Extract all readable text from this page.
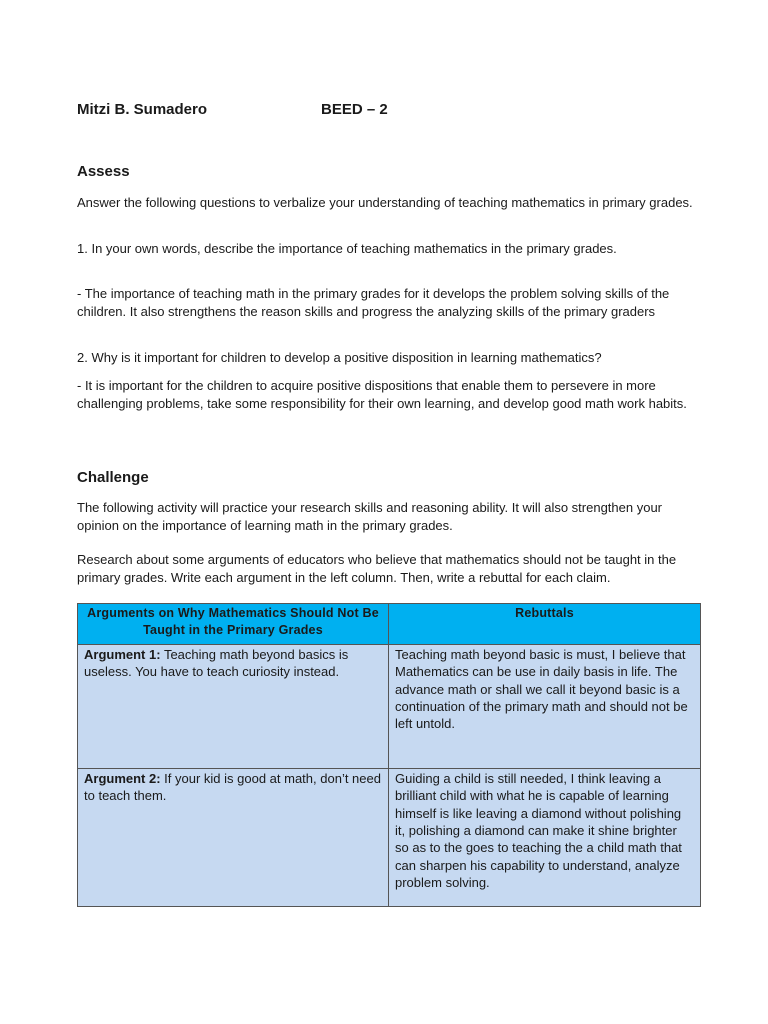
Mitzi B. Sumadero	BEED – 2
Assess

Answer the following questions to verbalize your understanding of teaching mathematics in primary grades.

1. In your own words, describe the importance of teaching mathematics in the primary grades.

- The importance of teaching math in the primary grades for it develops the problem solving skills of the children. It also strengthens the reason skills and progress the analyzing skills of the primary graders

2. Why is it important for children to develop a positive disposition in learning mathematics?

- It is important for the children to acquire positive dispositions that enable them to persevere in more challenging problems, take some responsibility for their own learning, and develop good math work habits.

Challenge

The following activity will practice your research skills and reasoning ability. It will also strengthen your opinion on the importance of learning math in the primary grades.

Research about some arguments of educators who believe that mathematics should not be taught in the primary grades. Write each argument in the left column. Then, write a rebuttal for each claim.

Arguments on Why Mathematics Should Not Be Taught in the Primary Grades	Rebuttals
Argument 1: Teaching math beyond basics is useless. You have to teach curiosity instead.	Teaching math beyond basic is must, I believe that Mathematics can be use in daily basis in life. The advance math or shall we call it beyond basic is a continuation of the primary math and should not be left untold.
Argument 2: If your kid is good at math, don’t need to teach them.	Guiding a child is still needed, I think leaving a brilliant child with what he is capable of learning himself is like leaving a diamond without polishing it, polishing a diamond can make it shine brighter so as to the goes to teaching the a child math that can sharpen his capability to understand, analyze problem solving.
